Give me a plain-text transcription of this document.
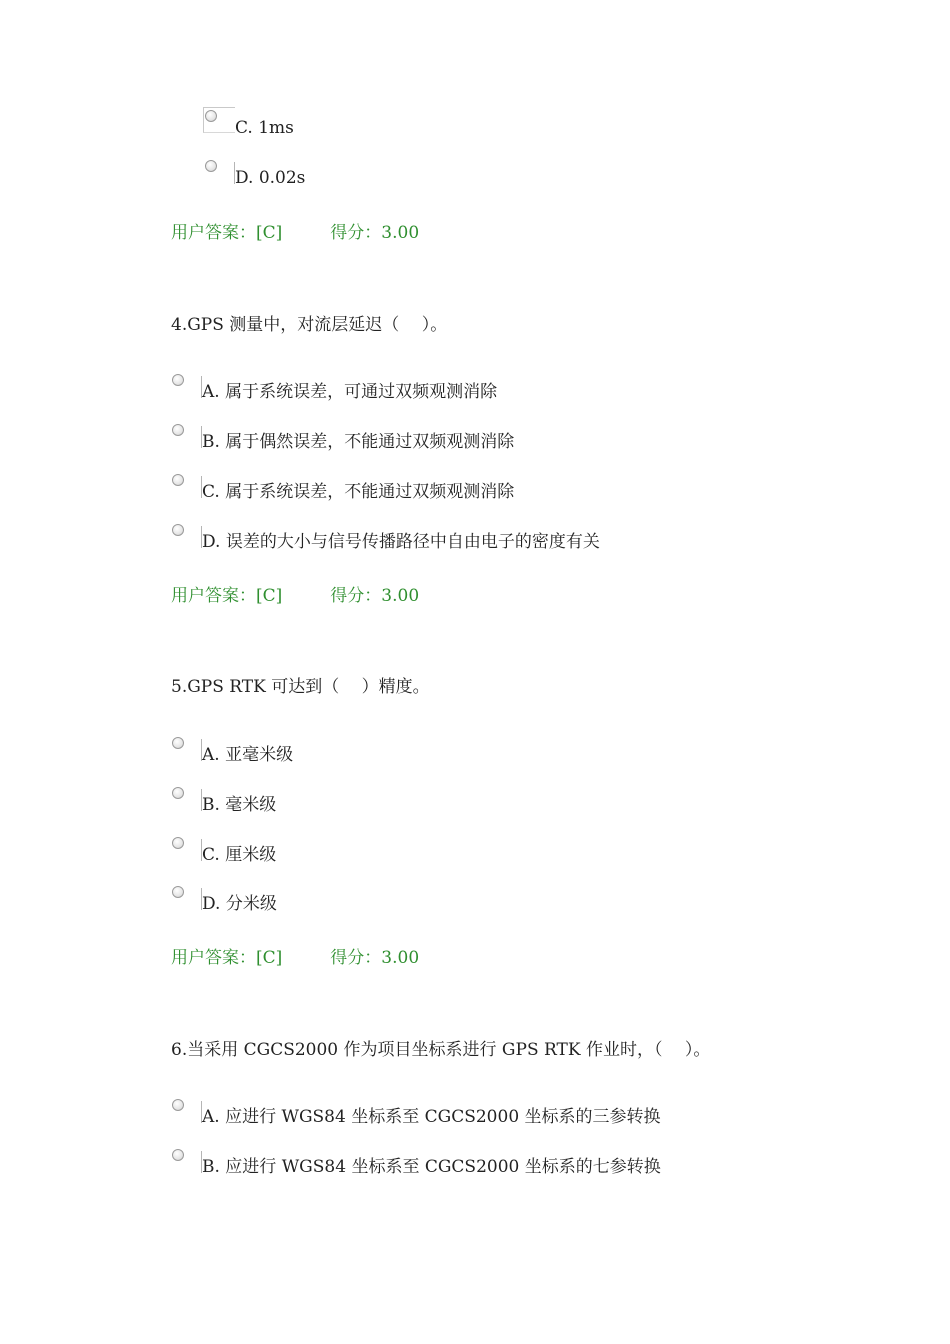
C. 1ms
D. 0.02s
用户答案：[C]	得分：3.00
4.GPS 测量中，对流层延迟（　 ）。
A. 属于系统误差，可通过双频观测消除
B. 属于偶然误差，不能通过双频观测消除
C. 属于系统误差，不能通过双频观测消除
D. 误差的大小与信号传播路径中自由电子的密度有关
用户答案：[C]	得分：3.00
5.GPS RTK 可达到（　 ）精度。
A. 亚毫米级
B. 毫米级
C. 厘米级
D. 分米级
用户答案：[C]	得分：3.00
6.当采用 CGCS2000 作为项目坐标系进行 GPS RTK 作业时，（　 ）。
A. 应进行 WGS84 坐标系至 CGCS2000 坐标系的三参转换
B. 应进行 WGS84 坐标系至 CGCS2000 坐标系的七参转换
